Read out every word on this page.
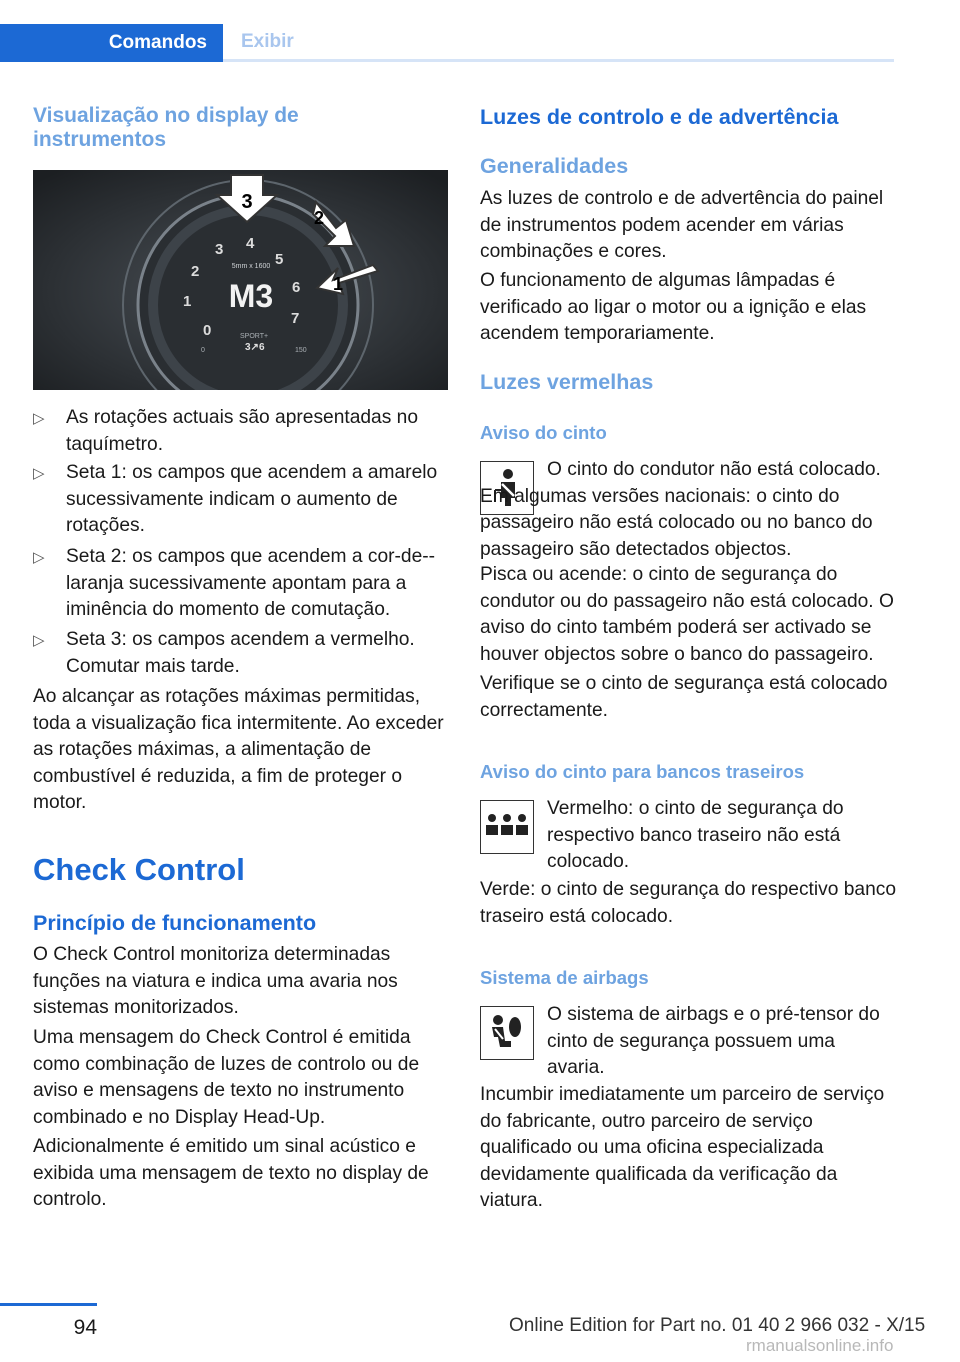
Comandos	Exibir

Visualização no display de instrumentos

M3
5mm x 1600
0
1
2
3 4
5
6
7
SPORT+
0	150
3↗6
3
2
1
▷ As rotações actuais são apresentadas no taquímetro.
▷ Seta 1: os campos que acendem a amarelo sucessivamente indicam o aumento de rotações.
▷ Seta 2: os campos que acendem a cor-de--laranja sucessivamente apontam para a iminência do momento de comutação.
▷ Seta 3: os campos acendem a vermelho. Comutar mais tarde.

Ao alcançar as rotações máximas permitidas, toda a visualização fica intermitente. Ao exceder as rotações máximas, a alimentação de combustível é reduzida, a fim de proteger o motor.

Check Control

Princípio de funcionamento

O Check Control monitoriza determinadas funções na viatura e indica uma avaria nos sistemas monitorizados.

Uma mensagem do Check Control é emitida como combinação de luzes de controlo ou de aviso e mensagens de texto no instrumento combinado e no Display Head-Up.

Adicionalmente é emitido um sinal acústico e exibida uma mensagem de texto no display de controlo.

Luzes de controlo e de advertência

Generalidades

As luzes de controlo e de advertência do painel de instrumentos podem acender em várias combinações e cores.

O funcionamento de algumas lâmpadas é verificado ao ligar o motor ou a ignição e elas acendem temporariamente.

Luzes vermelhas

Aviso do cinto

O cinto do condutor não está colocado. Em algumas versões nacionais: o cinto do passageiro não está colocado ou no banco do passageiro são detectados objectos.

Pisca ou acende: o cinto de segurança do condutor ou do passageiro não está colocado. O aviso do cinto também poderá ser activado se houver objectos sobre o banco do passageiro.

Verifique se o cinto de segurança está colocado correctamente.

Aviso do cinto para bancos traseiros

Vermelho: o cinto de segurança do respectivo banco traseiro não está colocado.

Verde: o cinto de segurança do respectivo banco traseiro está colocado.

Sistema de airbags

O sistema de airbags e o pré-tensor do cinto de segurança possuem uma avaria.

Incumbir imediatamente um parceiro de serviço do fabricante, outro parceiro de serviço qualificado ou uma oficina especializada devidamente qualificada da verificação da viatura.

94	Online Edition for Part no. 01 40 2 966 032 - X/15
rmanualsonline.info
